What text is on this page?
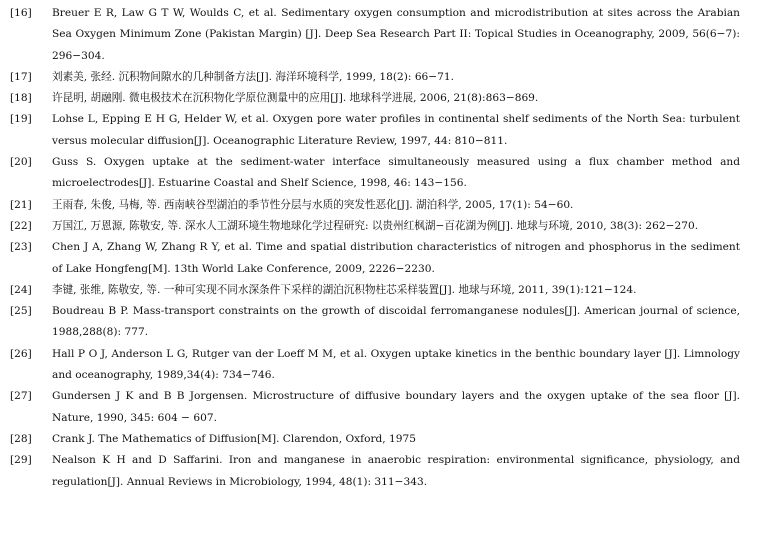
[16]	Breuer E R, Law G T W, Woulds C, et al. Sedimentary oxygen consumption and microdistribution at sites across the Arabian Sea Oxygen Minimum Zone (Pakistan Margin) [J]. Deep Sea Research Part II: Topical Studies in Oceanography, 2009, 56(6−7): 296−304.
[17]	刘素美, 张经. 沉积物间隙水的几种制备方法[J]. 海洋环境科学, 1999, 18(2): 66−71.
[18]	许昆明, 胡融刚. 微电极技术在沉积物化学原位测量中的应用[J]. 地球科学进展, 2006, 21(8):863−869.
[19]	Lohse L, Epping E H G, Helder W, et al. Oxygen pore water profiles in continental shelf sediments of the North Sea: turbulent versus molecular diffusion[J]. Oceanographic Literature Review, 1997, 44: 810−811.
[20]	Guss S. Oxygen uptake at the sediment-water interface simultaneously measured using a flux chamber method and microelectrodes[J]. Estuarine Coastal and Shelf Science, 1998, 46: 143−156.
[21]	王雨春, 朱俊, 马梅, 等. 西南峡谷型湖泊的季节性分层与水质的突发性恶化[J]. 湖泊科学, 2005, 17(1): 54−60.
[22]	万国江, 万恩源, 陈敬安, 等. 深水人工湖环境生物地球化学过程研究: 以贵州红枫湖−百花湖为例[J]. 地球与环境, 2010, 38(3): 262−270.
[23]	Chen J A, Zhang W, Zhang R Y, et al. Time and spatial distribution characteristics of nitrogen and phosphorus in the sediment of Lake Hongfeng[M]. 13th World Lake Conference, 2009, 2226−2230.
[24]	李键, 张维, 陈敬安, 等. 一种可实现不同水深条件下采样的湖泊沉积物柱芯采样装置[J]. 地球与环境, 2011, 39(1):121−124.
[25]	Boudreau B P. Mass-transport constraints on the growth of discoidal ferromanganese nodules[J]. American journal of science, 1988,288(8): 777.
[26]	Hall P O J, Anderson L G, Rutger van der Loeff M M, et al. Oxygen uptake kinetics in the benthic boundary layer [J]. Limnology and oceanography, 1989,34(4): 734−746.
[27]	Gundersen J K and B B Jorgensen. Microstructure of diffusive boundary layers and the oxygen uptake of the sea floor [J]. Nature, 1990, 345: 604 − 607.
[28]	Crank J. The Mathematics of Diffusion[M]. Clarendon, Oxford, 1975
[29]	Nealson K H and D Saffarini. Iron and manganese in anaerobic respiration: environmental significance, physiology, and regulation[J]. Annual Reviews in Microbiology, 1994, 48(1): 311−343.
